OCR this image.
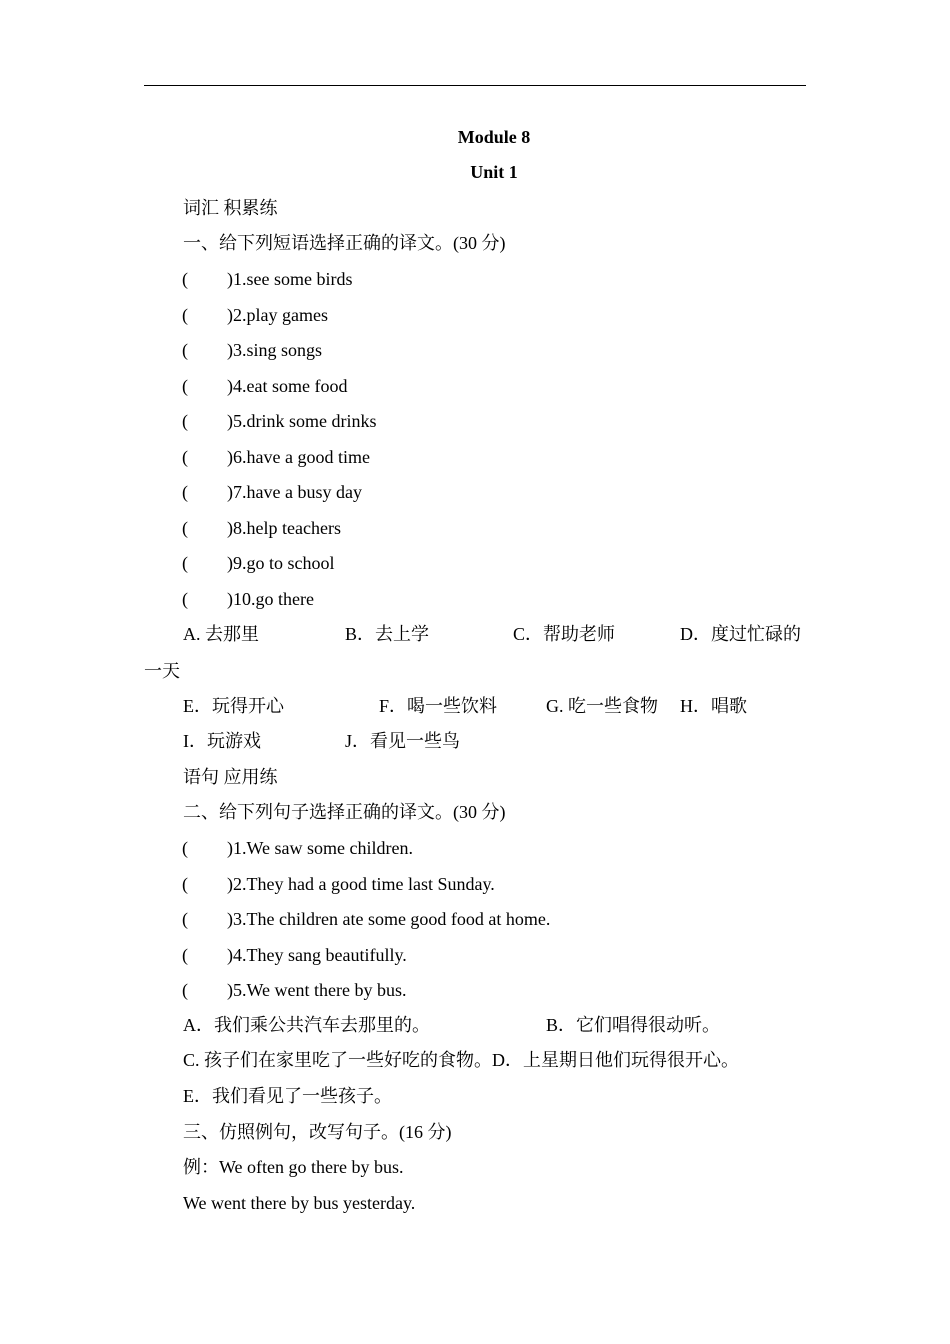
Module 8
Unit 1
词汇 积累练
一、给下列短语选择正确的译文。(30 分)
( )1.see some birds
( )2.play games
( )3.sing songs
( )4.eat some food
( )5.drink some drinks
( )6.have a good time
( )7.have a busy day
( )8.help teachers
( )9.go to school
( )10.go there
A. 去那里	B．去上学	C．帮助老师	D．度过忙碌的
一天
E．玩得开心	F．喝一些饮料	G. 吃一些食物 H．唱歌
I．玩游戏	J．看见一些鸟
语句 应用练
二、给下列句子选择正确的译文。(30 分)
( )1.We saw some children.
( )2.They had a good time last Sunday.
( )3.The children ate some good food at home.
( )4.They sang beautifully.
( )5.We went there by bus.
A．我们乘公共汽车去那里的。	B．它们唱得很动听。
C. 孩子们在家里吃了一些好吃的食物。D．上星期日他们玩得很开心。
E．我们看见了一些孩子。
三、仿照例句，改写句子。(16 分)
例：We often go there by bus.
We went there by bus yesterday.
